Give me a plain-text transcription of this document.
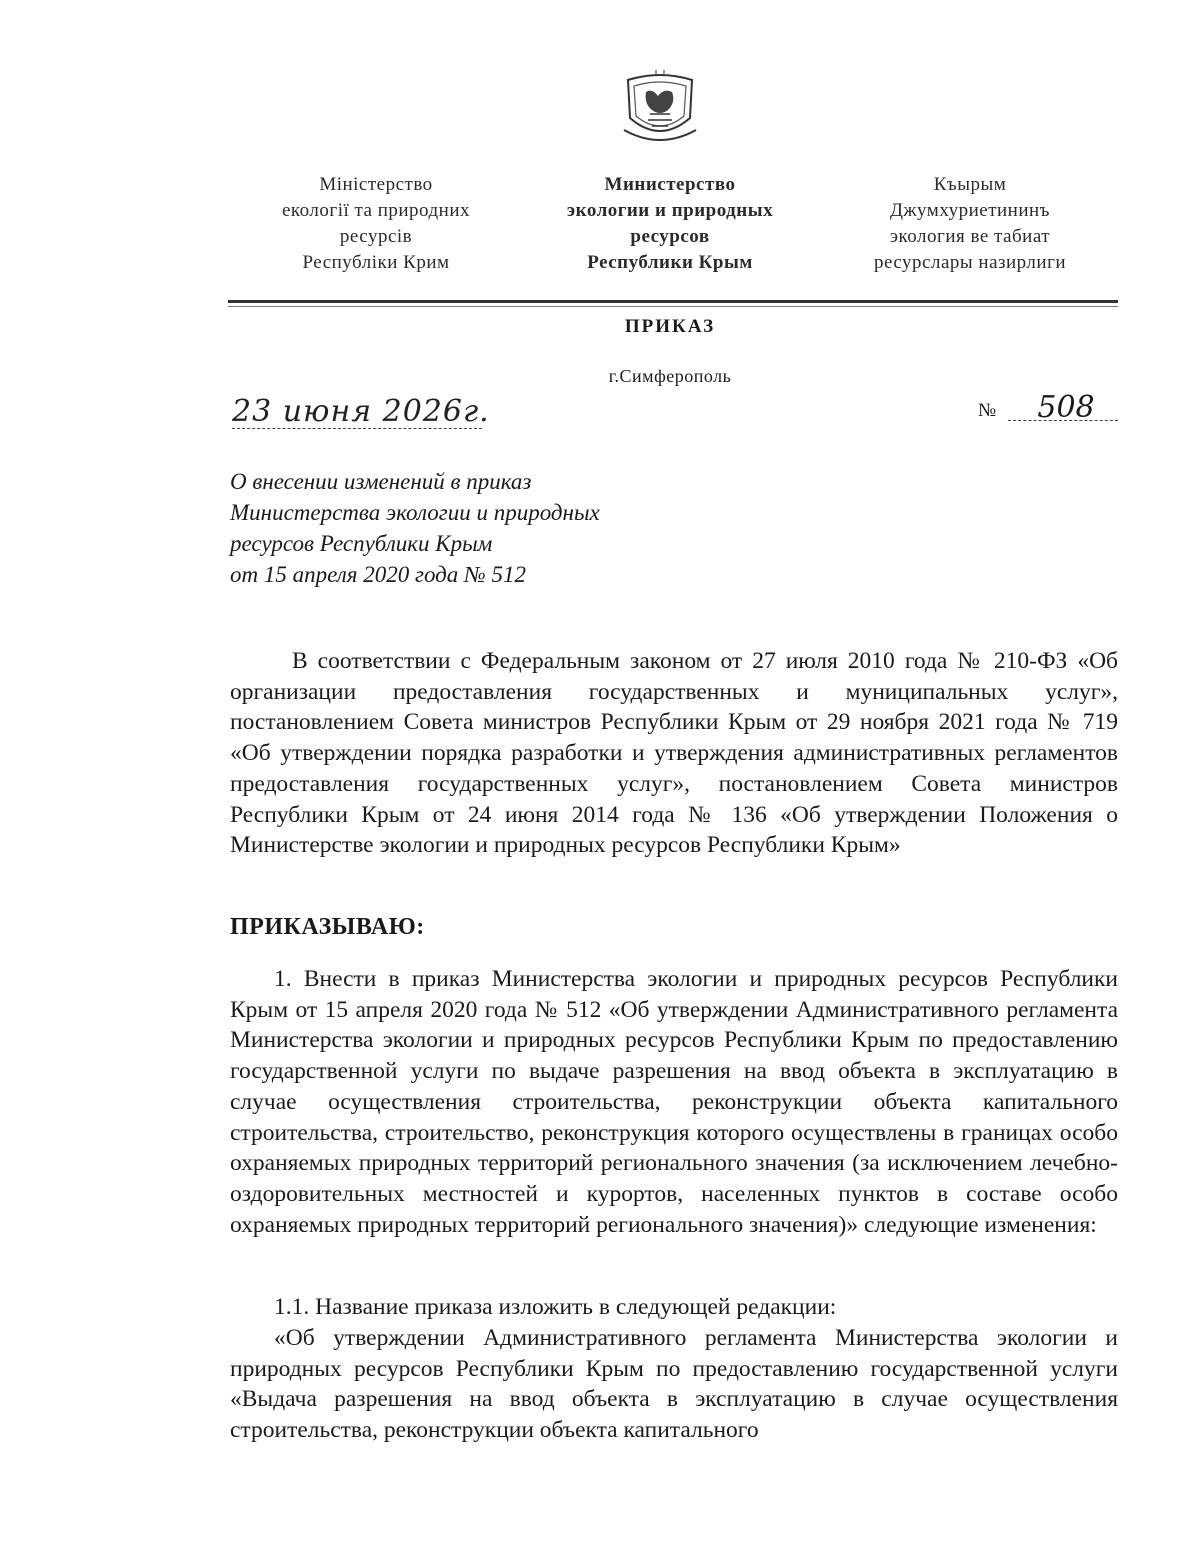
Міністерство
екології та природних
ресурсів
Республіки Крим
Министерство
экологии и природных
ресурсов
Республики Крым
Къырым
Джумхуриетининъ
экология ве табиат
ресурслары назирлиги
ПРИКАЗ
г.Симферополь
23 июня 2026г.	№	508
О внесении изменений в приказ
Министерства экологии и природных
ресурсов Республики Крым
от 15 апреля 2020 года № 512
В соответствии с Федеральным законом от 27 июля 2010 года № 210-ФЗ «Об организации предоставления государственных и муниципальных услуг», постановлением Совета министров Республики Крым от 29 ноября 2021 года № 719 «Об утверждении порядка разработки и утверждения административных регламентов предоставления государственных услуг», постановлением Совета министров Республики Крым от 24 июня 2014 года № 136 «Об утверждении Положения о Министерстве экологии и природных ресурсов Республики Крым»
ПРИКАЗЫВАЮ:
1. Внести в приказ Министерства экологии и природных ресурсов Республики Крым от 15 апреля 2020 года № 512 «Об утверждении Административного регламента Министерства экологии и природных ресурсов Республики Крым по предоставлению государственной услуги по выдаче разрешения на ввод объекта в эксплуатацию в случае осуществления строительства, реконструкции объекта капитального строительства, строительство, реконструкция которого осуществлены в границах особо охраняемых природных территорий регионального значения (за исключением лечебно-оздоровительных местностей и курортов, населенных пунктов в составе особо охраняемых природных территорий регионального значения)» следующие изменения:
1.1. Название приказа изложить в следующей редакции:
«Об утверждении Административного регламента Министерства экологии и природных ресурсов Республики Крым по предоставлению государственной услуги «Выдача разрешения на ввод объекта в эксплуатацию в случае осуществления строительства, реконструкции объекта капитального
